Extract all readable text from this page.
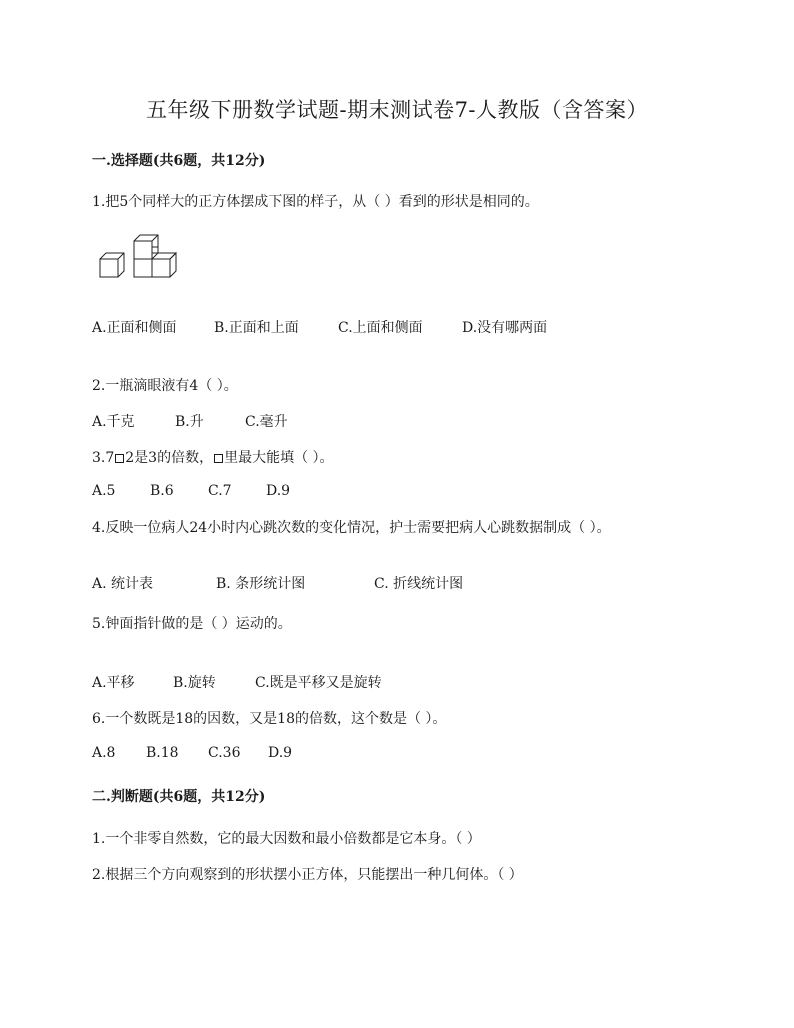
五年级下册数学试题-期末测试卷7-人教版（含答案）
一.选择题(共6题，共12分)
1.把5个同样大的正方体摆成下图的样子，从（ ）看到的形状是相同的。
A.正面和侧面	B.正面和上面	C.上面和侧面	D.没有哪两面
2.一瓶滴眼液有4（ ）。
A.千克	B.升	C.毫升
3.7 2是3的倍数， 里最大能填（ ）。
A.5 B.6 C.7 D.9
4.反映一位病人24小时内心跳次数的变化情况，护士需要把病人心跳数据制成（ ）。
A. 统计表	B. 条形统计图	C. 折线统计图
5.钟面指针做的是（ ）运动的。
A.平移	B.旋转	C.既是平移又是旋转
6.一个数既是18的因数，又是18的倍数，这个数是（ ）。
A.8 B.18 C.36 D.9
二.判断题(共6题，共12分)
1.一个非零自然数，它的最大因数和最小倍数都是它本身。（ ）
2.根据三个方向观察到的形状摆小正方体，只能摆出一种几何体。（ ）
